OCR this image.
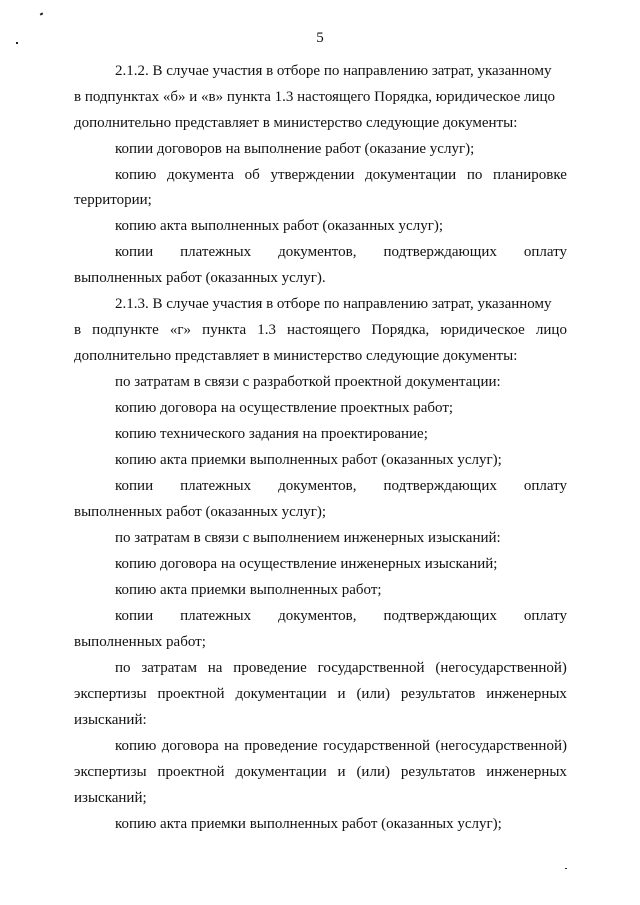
5
2.1.2. В случае участия в отборе по направлению затрат, указанному
в подпунктах «б» и «в» пункта 1.3 настоящего Порядка, юридическое лицо
дополнительно представляет в министерство следующие документы:
копии договоров на выполнение работ (оказание услуг);
копию документа об утверждении документации по планировке
территории;
копию акта выполненных работ (оказанных услуг);
копии платежных документов, подтверждающих оплату
выполненных работ (оказанных услуг).
2.1.3. В случае участия в отборе по направлению затрат, указанному
в подпункте «г» пункта 1.3 настоящего Порядка, юридическое лицо
дополнительно представляет в министерство следующие документы:
по затратам в связи с разработкой проектной документации:
копию договора на осуществление проектных работ;
копию технического задания на проектирование;
копию акта приемки выполненных работ (оказанных услуг);
копии платежных документов, подтверждающих оплату
выполненных работ (оказанных услуг);
по затратам в связи с выполнением инженерных изысканий:
копию договора на осуществление инженерных изысканий;
копию акта приемки выполненных работ;
копии платежных документов, подтверждающих оплату
выполненных работ;
по затратам на проведение государственной (негосударственной)
экспертизы проектной документации и (или) результатов инженерных
изысканий:
копию договора на проведение государственной (негосударственной)
экспертизы проектной документации и (или) результатов инженерных
изысканий;
копию акта приемки выполненных работ (оказанных услуг);
